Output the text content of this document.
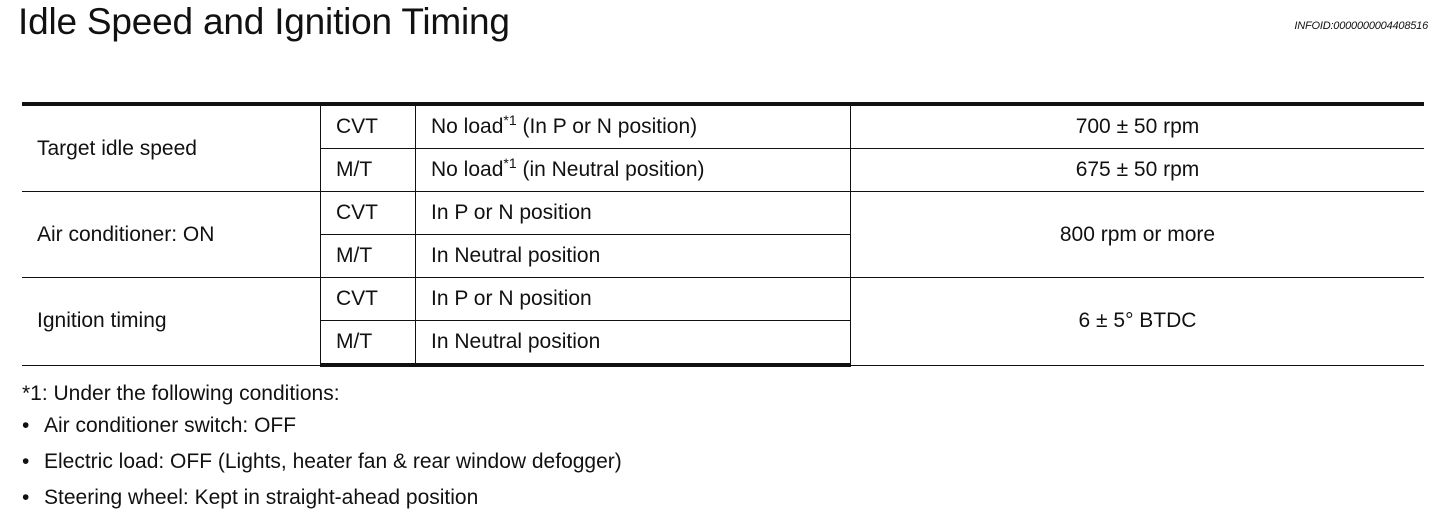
Idle Speed and Ignition Timing	INFOID:0000000004408516
Target idle speed	CVT	No load$^{*1}$ (In P or N position)	700 ± 50 rpm
	M/T	No load$^{*1}$ (in Neutral position)	675 ± 50 rpm
Air conditioner: ON	CVT	In P or N position	800 rpm or more
	M/T	In Neutral position	
Ignition timing	CVT	In P or N position	6 ± 5° BTDC
	M/T	In Neutral position	
*1: Under the following conditions:
• Air conditioner switch: OFF
• Electric load: OFF (Lights, heater fan & rear window defogger)
• Steering wheel: Kept in straight-ahead position
